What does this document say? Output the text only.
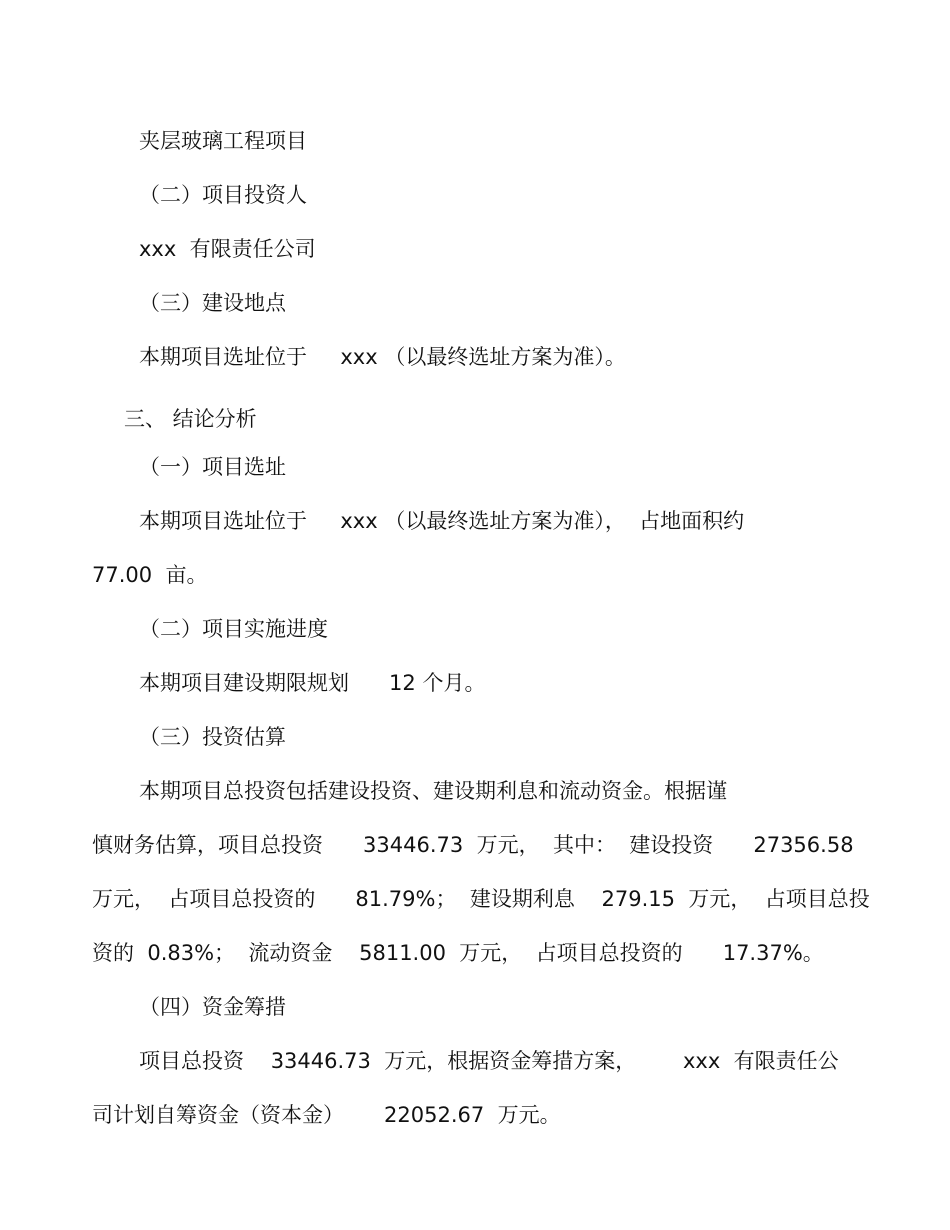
夹层玻璃工程项目
（二）项目投资人
xxx  有限责任公司
（三）建设地点
本期项目选址位于     xxx （以最终选址方案为准）。
三、 结论分析
（一）项目选址
本期项目选址位于     xxx （以最终选址方案为准），  占地面积约
77.00  亩。
（二）项目实施进度
本期项目建设期限规划      12 个月。
（三）投资估算
本期项目总投资包括建设投资、建设期利息和流动资金。根据谨
慎财务估算，项目总投资      33446.73  万元，  其中：  建设投资      27356.58
万元，  占项目总投资的      81.79%；  建设期利息    279.15  万元，  占项目总投
资的  0.83%；  流动资金    5811.00  万元，  占项目总投资的      17.37%。
（四）资金筹措
项目总投资    33446.73  万元，根据资金筹措方案，       xxx  有限责任公
司计划自筹资金（资本金）      22052.67  万元。
